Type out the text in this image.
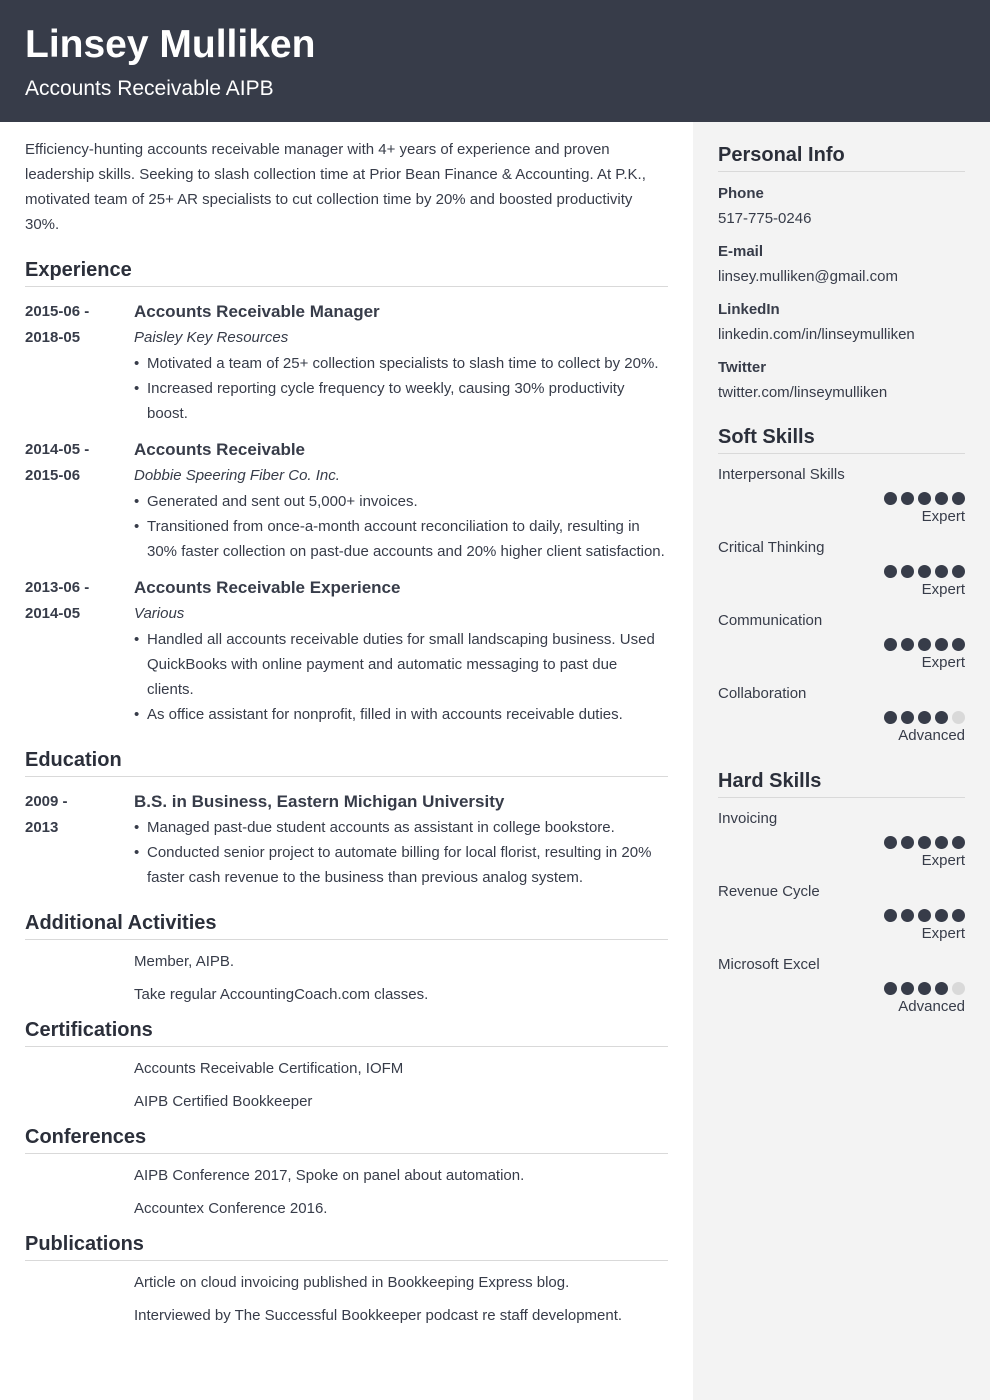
Linsey Mulliken
Accounts Receivable AIPB

Efficiency-hunting accounts receivable manager with 4+ years of experience and proven leadership skills. Seeking to slash collection time at Prior Bean Finance & Accounting. At P.K., motivated team of 25+ AR specialists to cut collection time by 20% and boosted productivity 30%.

Experience
2015-06 -
2018-05
Accounts Receivable Manager
Paisley Key Resources
• Motivated a team of 25+ collection specialists to slash time to collect by 20%.
• Increased reporting cycle frequency to weekly, causing 30% productivity boost.
2014-05 -
2015-06
Accounts Receivable
Dobbie Speering Fiber Co. Inc.
• Generated and sent out 5,000+ invoices.
• Transitioned from once-a-month account reconciliation to daily, resulting in 30% faster collection on past-due accounts and 20% higher client satisfaction.
2013-06 -
2014-05
Accounts Receivable Experience
Various
• Handled all accounts receivable duties for small landscaping business. Used QuickBooks with online payment and automatic messaging to past due clients.
• As office assistant for nonprofit, filled in with accounts receivable duties.
Education
2009 -
2013
B.S. in Business, Eastern Michigan University
• Managed past-due student accounts as assistant in college bookstore.
• Conducted senior project to automate billing for local florist, resulting in 20% faster cash revenue to the business than previous analog system.
Additional Activities
Member, AIPB.
Take regular AccountingCoach.com classes.
Certifications
Accounts Receivable Certification, IOFM
AIPB Certified Bookkeeper
Conferences
AIPB Conference 2017, Spoke on panel about automation.
Accountex Conference 2016.
Publications
Article on cloud invoicing published in Bookkeeping Express blog.
Interviewed by The Successful Bookkeeper podcast re staff development.
Personal Info
Phone
517-775-0246
E-mail
linsey.mulliken@gmail.com
LinkedIn
linkedin.com/in/linseymulliken
Twitter
twitter.com/linseymulliken
Soft Skills
Interpersonal Skills
Expert
Critical Thinking
Expert
Communication
Expert
Collaboration
Advanced
Hard Skills
Invoicing
Expert
Revenue Cycle
Expert
Microsoft Excel
Advanced
